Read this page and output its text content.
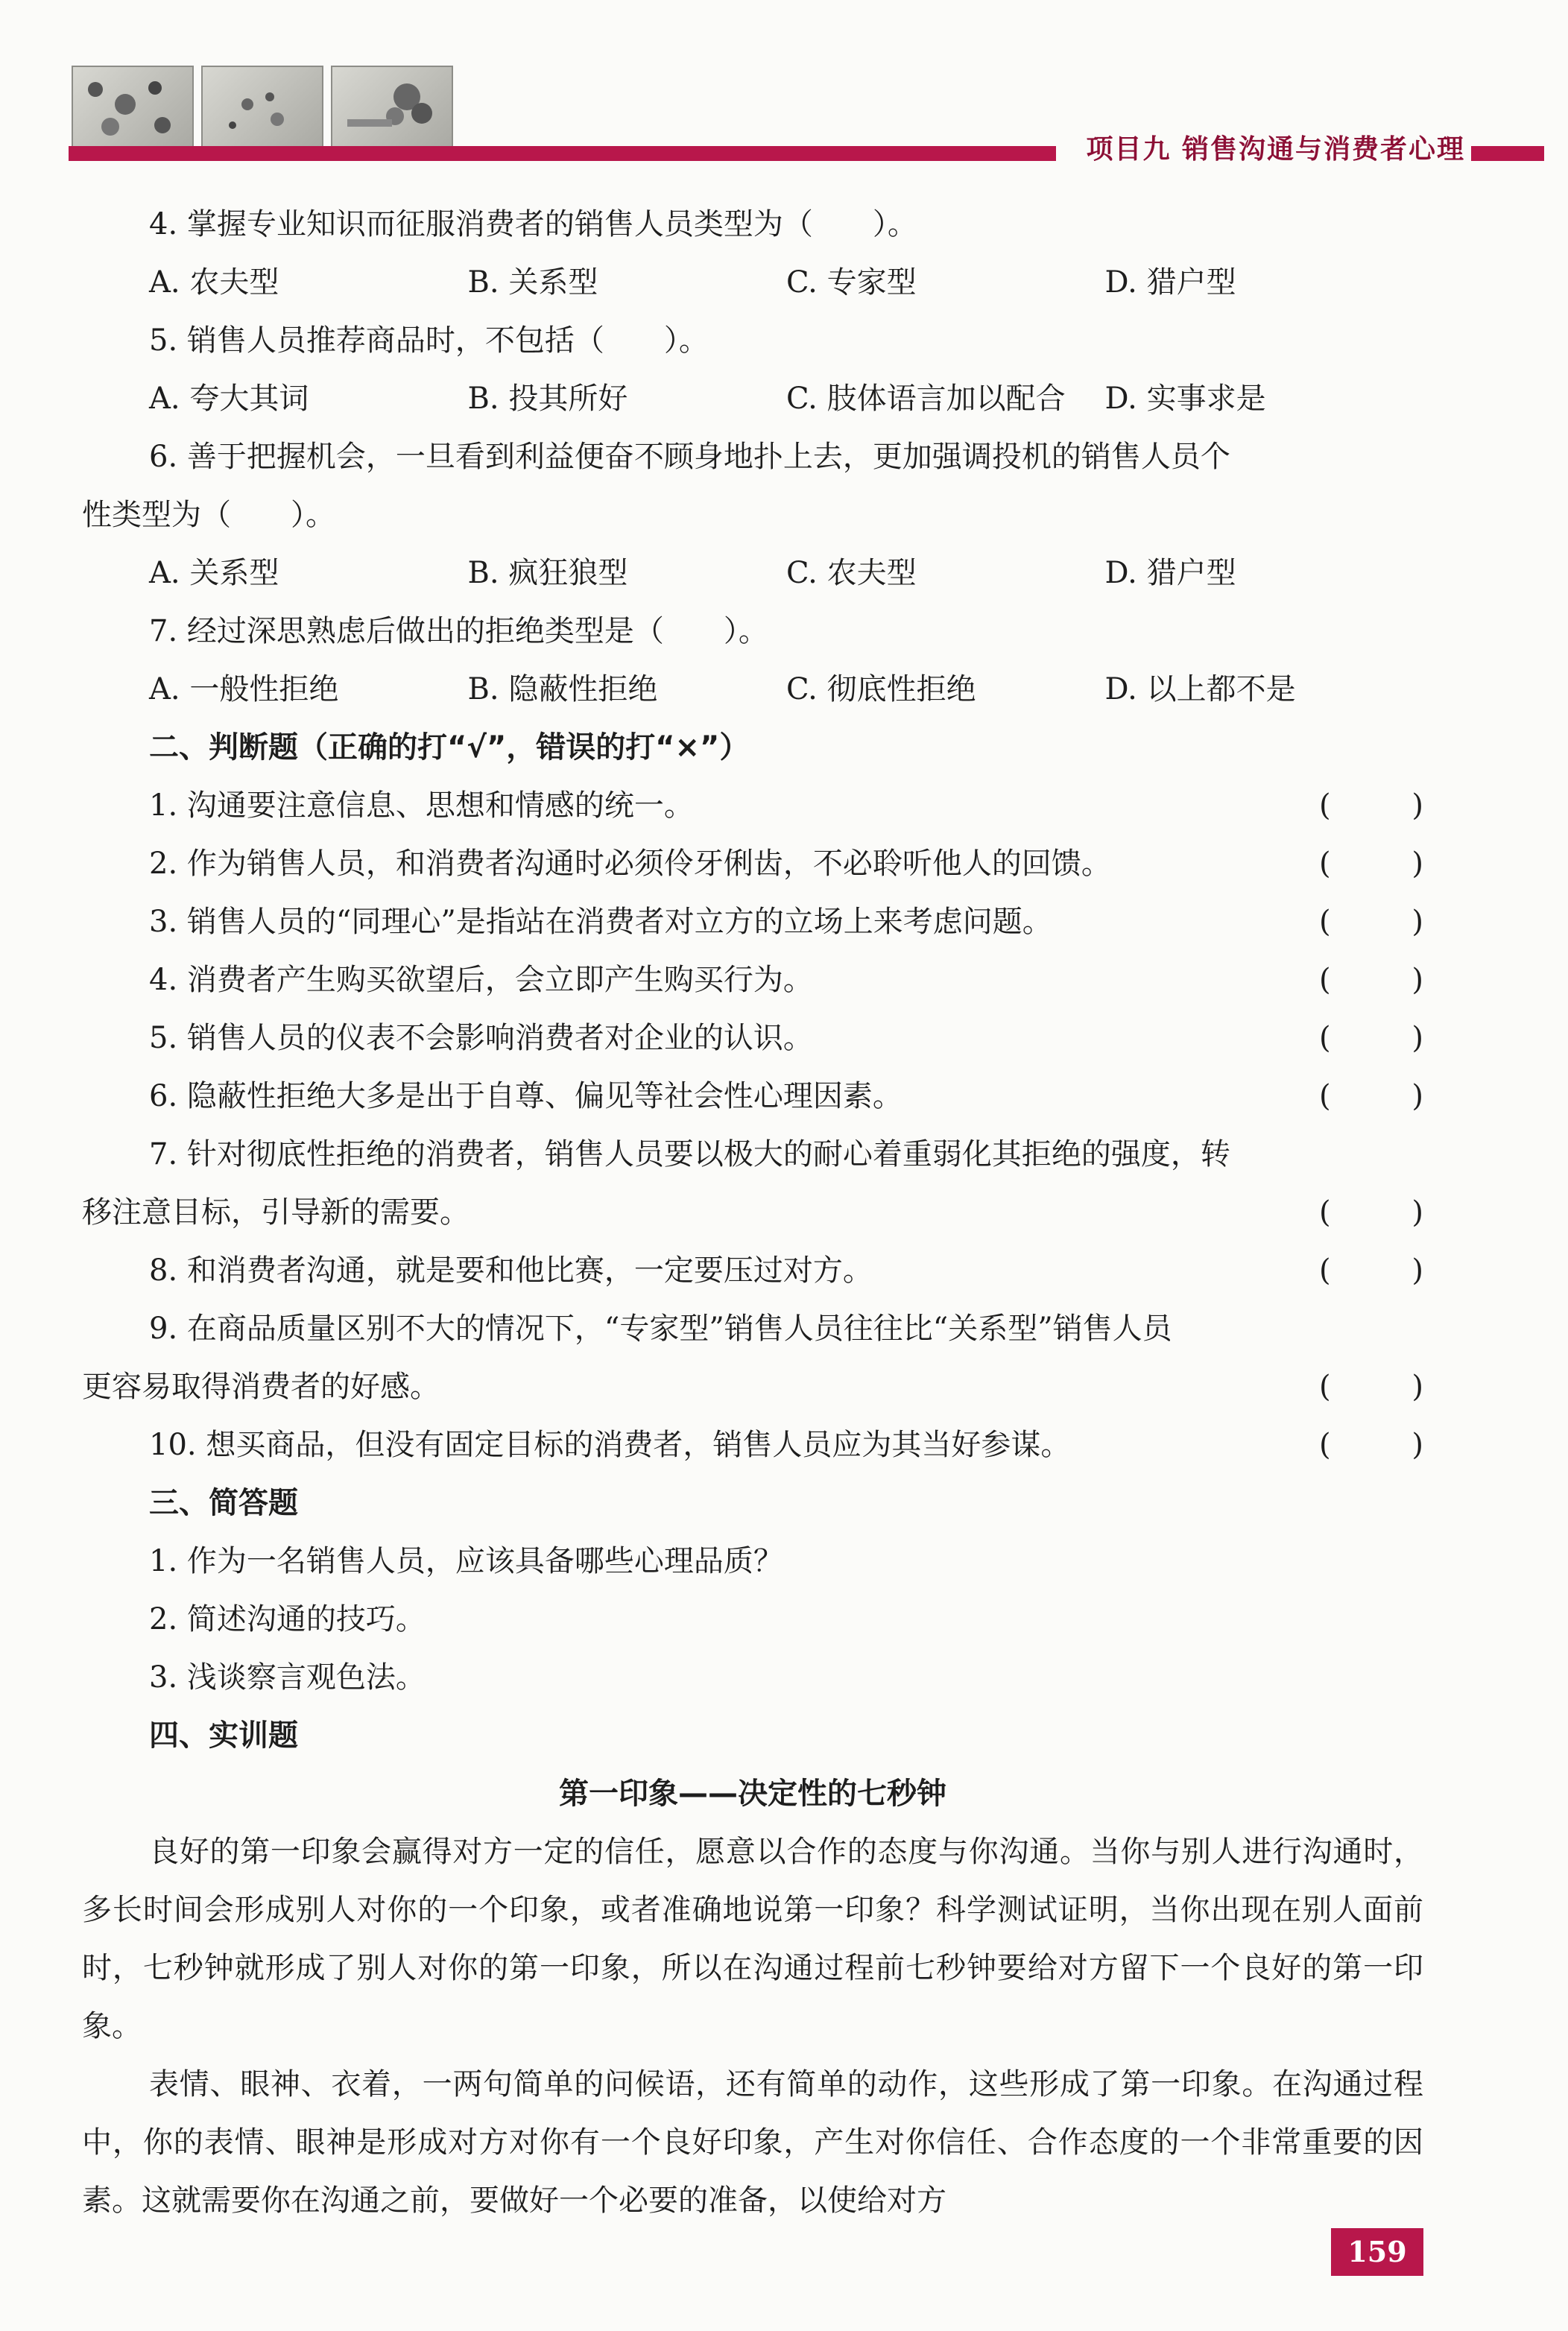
项目九 销售沟通与消费者心理
4. 掌握专业知识而征服消费者的销售人员类型为（　　）。
A. 农夫型	B. 关系型	C. 专家型	D. 猎户型
5. 销售人员推荐商品时，不包括（　　）。
A. 夸大其词	B. 投其所好	C. 肢体语言加以配合	D. 实事求是
6. 善于把握机会，一旦看到利益便奋不顾身地扑上去，更加强调投机的销售人员个
性类型为（　　）。
A. 关系型	B. 疯狂狼型	C. 农夫型	D. 猎户型
7. 经过深思熟虑后做出的拒绝类型是（　　）。
A. 一般性拒绝	B. 隐蔽性拒绝	C. 彻底性拒绝	D. 以上都不是
二、判断题（正确的打“√”，错误的打“×”）
1. 沟通要注意信息、思想和情感的统一。	(	)
2. 作为销售人员，和消费者沟通时必须伶牙俐齿，不必聆听他人的回馈。	(	)
3. 销售人员的“同理心”是指站在消费者对立方的立场上来考虑问题。	(	)
4. 消费者产生购买欲望后，会立即产生购买行为。	(	)
5. 销售人员的仪表不会影响消费者对企业的认识。	(	)
6. 隐蔽性拒绝大多是出于自尊、偏见等社会性心理因素。	(	)
7. 针对彻底性拒绝的消费者，销售人员要以极大的耐心着重弱化其拒绝的强度，转
移注意目标，引导新的需要。	(	)
8. 和消费者沟通，就是要和他比赛，一定要压过对方。	(	)
9. 在商品质量区别不大的情况下，“专家型”销售人员往往比“关系型”销售人员
更容易取得消费者的好感。	(	)
10. 想买商品，但没有固定目标的消费者，销售人员应为其当好参谋。	(	)
三、简答题
1. 作为一名销售人员，应该具备哪些心理品质？
2. 简述沟通的技巧。
3. 浅谈察言观色法。
四、实训题
第一印象——决定性的七秒钟
良好的第一印象会赢得对方一定的信任，愿意以合作的态度与你沟通。当你与别人进行沟通时，多长时间会形成别人对你的一个印象，或者准确地说第一印象？科学测试证明，当你出现在别人面前时，七秒钟就形成了别人对你的第一印象，所以在沟通过程前七秒钟要给对方留下一个良好的第一印象。
表情、眼神、衣着，一两句简单的问候语，还有简单的动作，这些形成了第一印象。在沟通过程中，你的表情、眼神是形成对方对你有一个良好印象，产生对你信任、合作态度的一个非常重要的因素。这就需要你在沟通之前，要做好一个必要的准备，以使给对方
159
